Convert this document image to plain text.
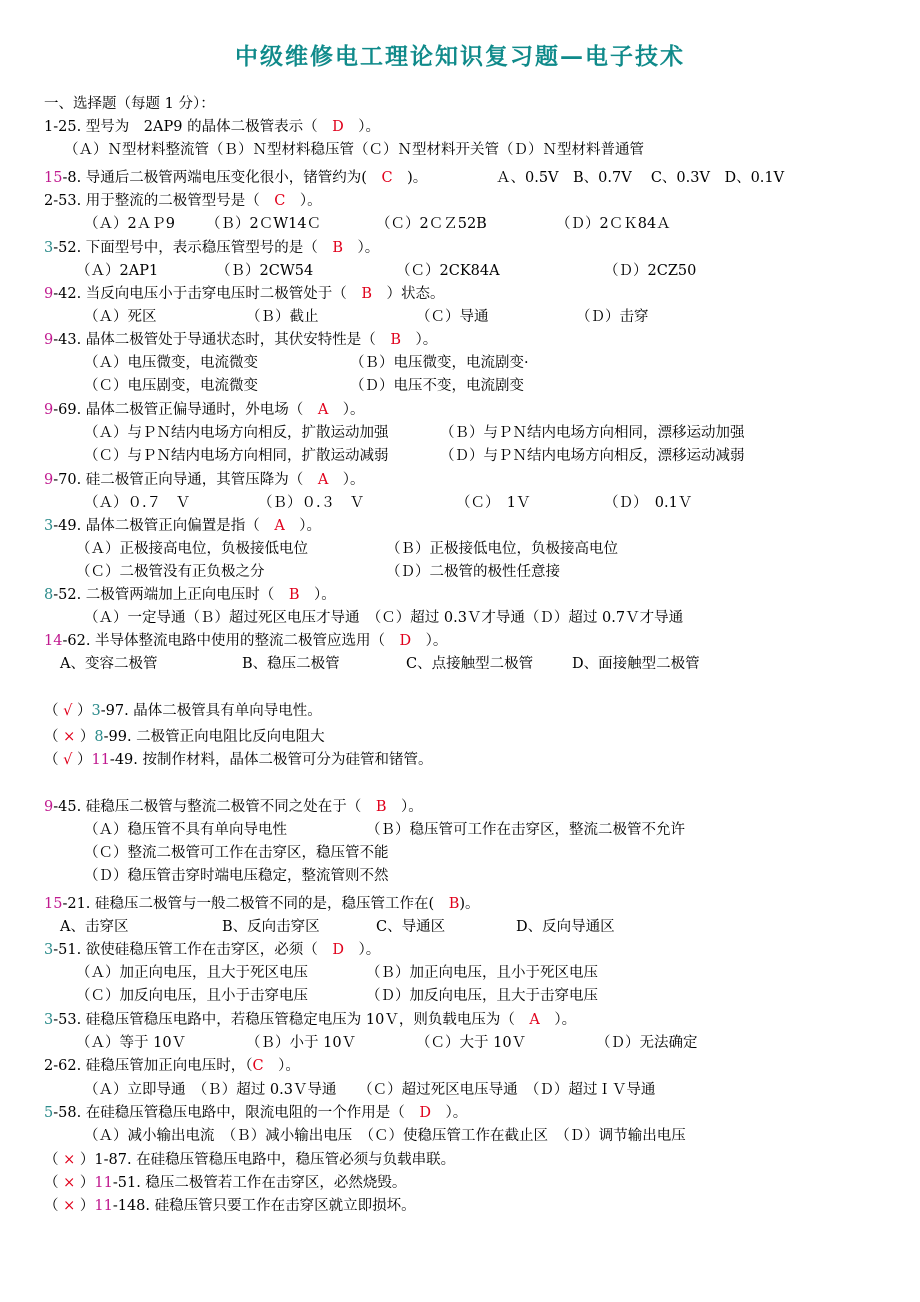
中级维修电工理论知识复习题—电子技术
一、选择题（每题 1 分）：
1-25. 型号为　2AP9 的晶体二极管表示（　 D　 ）。
（Ａ）Ｎ型材料整流管（Ｂ）Ｎ型材料稳压管（Ｃ）Ｎ型材料开关管（Ｄ）Ｎ型材料普通管
15-8. 导通后二极管两端电压变化很小，锗管约为(　 C　 )。	Ａ、0.5V　B、0.7V　 C、0.3V　D、0.1V
2-53. 用于整流的二极管型号是（　 C　 ）。
（Ａ）2ＡＰ9 （Ｂ）2ＣW14Ｃ	（Ｃ）2ＣＺ52B	（Ｄ）2ＣＫ84Ａ
3-52. 下面型号中，表示稳压管型号的是（　 B　 ）。
（Ａ）2AP1	（Ｂ）2CW54	（Ｃ）2CK84A	（Ｄ）2CZ50
9-42. 当反向电压小于击穿电压时二极管处于（　 B　 ）状态。
（Ａ）死区	（Ｂ）截止	（Ｃ）导通	（Ｄ）击穿
9-43. 晶体二极管处于导通状态时，其伏安特性是（　 B　 ）。
（Ａ）电压微变，电流微变	（Ｂ）电压微变，电流剧变·
（Ｃ）电压剧变，电流微变	（Ｄ）电压不变，电流剧变
9-69. 晶体二极管正偏导通时，外电场（　 A　 ）。
（Ａ）与ＰＮ结内电场方向相反，扩散运动加强	（Ｂ）与ＰＮ结内电场方向相同，漂移运动加强
（Ｃ）与ＰＮ结内电场方向相同，扩散运动减弱	（Ｄ）与ＰＮ结内电场方向相反，漂移运动减弱
9-70. 硅二极管正向导通，其管压降为（　 A　 ）。
（Ａ）０.７　Ｖ	（Ｂ）０.３　Ｖ	（Ｃ）　1Ｖ	（Ｄ）　0.1Ｖ
3-49. 晶体二极管正向偏置是指（　 A　 ）。
（Ａ）正极接高电位，负极接低电位	（Ｂ）正极接低电位，负极接高电位
（Ｃ）二极管没有正负极之分	（Ｄ）二极管的极性任意接
8-52. 二极管两端加上正向电压时（　 B　 ）。
（Ａ）一定导通（Ｂ）超过死区电压才导通　（Ｃ）超过 0.3Ｖ才导通（Ｄ）超过 0.7Ｖ才导通
14-62. 半导体整流电路中使用的整流二极管应选用（　 D　 ）。
A、变容二极管	B、稳压二极管	C、点接触型二极管	D、面接触型二极管
（ √ ）3-97. 晶体二极管具有单向导电性。
（ × ）8-99. 二极管正向电阻比反向电阻大
（ √ ）11-49. 按制作材料，晶体二极管可分为硅管和锗管。
9-45. 硅稳压二极管与整流二极管不同之处在于（　 B　 ）。
（Ａ）稳压管不具有单向导电性	（Ｂ）稳压管可工作在击穿区，整流二极管不允许
（Ｃ）整流二极管可工作在击穿区，稳压管不能
（Ｄ）稳压管击穿时端电压稳定，整流管则不然
15-21. 硅稳压二极管与一般二极管不同的是，稳压管工作在(　 B)。
A、击穿区	B、反向击穿区	C、导通区	D、反向导通区
3-51. 欲使硅稳压管工作在击穿区，必须（　 D　 ）。
（Ａ）加正向电压，且大于死区电压	（Ｂ）加正向电压，且小于死区电压
（Ｃ）加反向电压，且小于击穿电压	（Ｄ）加反向电压，且大于击穿电压
3-53. 硅稳压管稳压电路中，若稳压管稳定电压为 10Ｖ，则负载电压为（　 A　 ）。
（Ａ）等于 10Ｖ	（Ｂ）小于 10Ｖ	（Ｃ）大于 10Ｖ	（Ｄ）无法确定
2-62. 硅稳压管加正向电压时，（C　 ）。
（Ａ）立即导通　（Ｂ）超过 0.3Ｖ导通　　（Ｃ）超过死区电压导通　（Ｄ）超过ＩＶ导通
5-58. 在硅稳压管稳压电路中，限流电阻的一个作用是（　 D　 ）。
（Ａ）减小输出电流　（Ｂ）减小输出电压　（Ｃ）使稳压管工作在截止区　（Ｄ）调节输出电压
（ × ）1-87. 在硅稳压管稳压电路中，稳压管必须与负载串联。
（ × ）11-51. 稳压二极管若工作在击穿区，必然烧毁。
（ × ）11-148. 硅稳压管只要工作在击穿区就立即损坏。
